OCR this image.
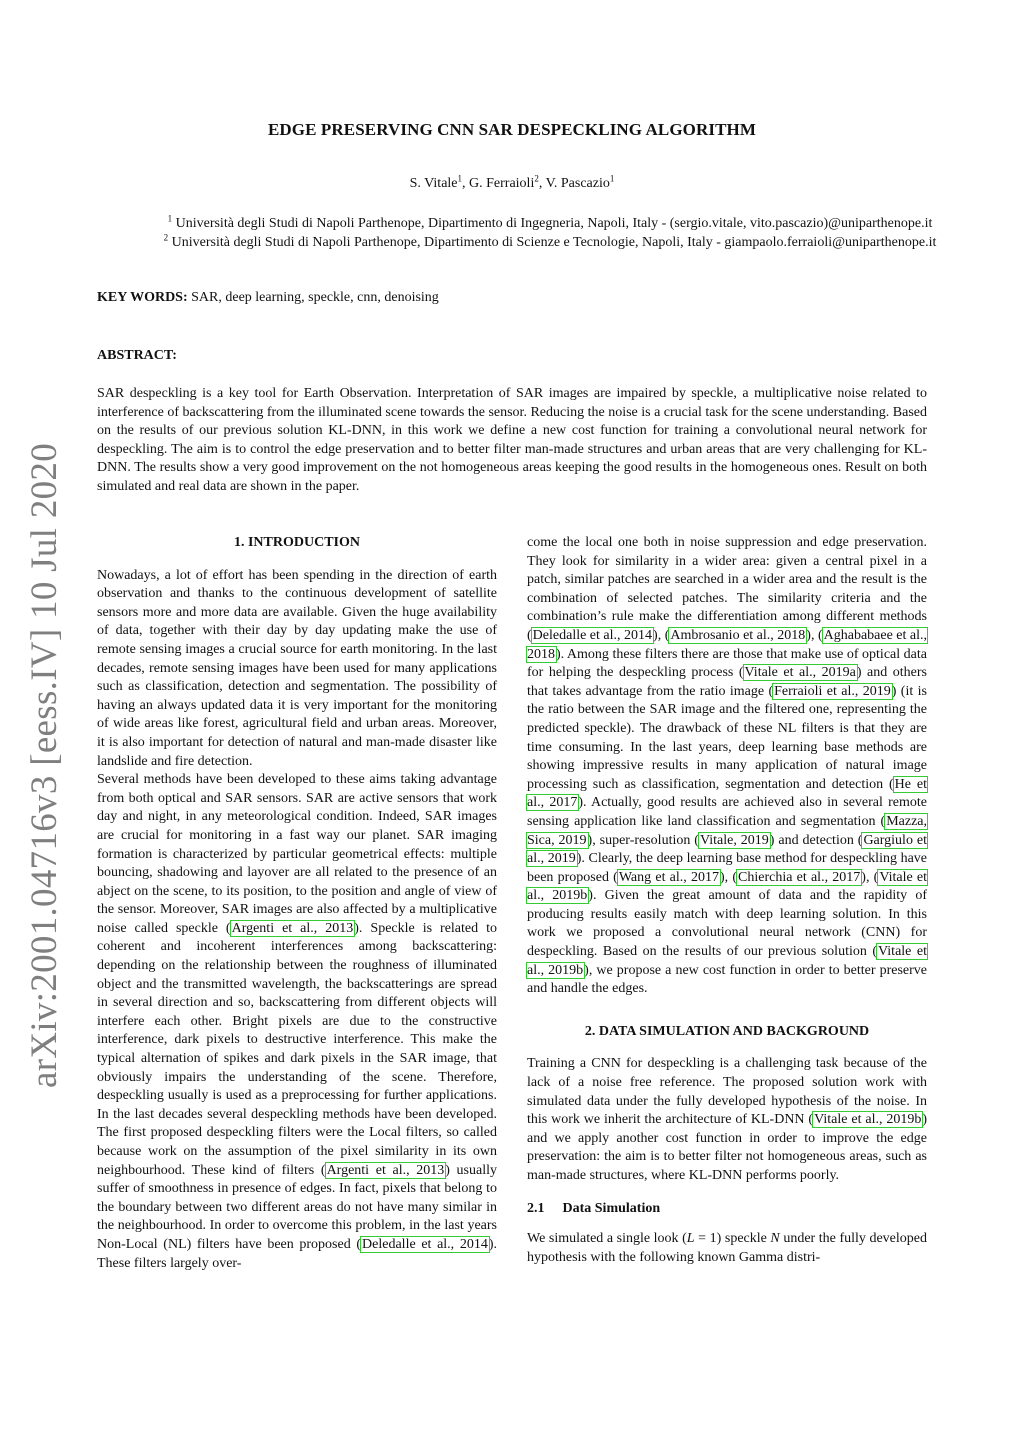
arXiv:2001.04716v3 [eess.IV] 10 Jul 2020
EDGE PRESERVING CNN SAR DESPECKLING ALGORITHM

S. Vitale$^1$, G. Ferraioli$^2$, V. Pascazio$^1$

$^1$ Università degli Studi di Napoli Parthenope, Dipartimento di Ingegneria, Napoli, Italy - (sergio.vitale, vito.pascazio)@uniparthenope.it
$^2$ Università degli Studi di Napoli Parthenope, Dipartimento di Scienze e Tecnologie, Napoli, Italy - giampaolo.ferraioli@uniparthenope.it

KEY WORDS: SAR, deep learning, speckle, cnn, denoising

ABSTRACT:

SAR despeckling is a key tool for Earth Observation. Interpretation of SAR images are impaired by speckle, a multiplicative noise related to interference of backscattering from the illuminated scene towards the sensor. Reducing the noise is a crucial task for the scene understanding. Based on the results of our previous solution KL-DNN, in this work we define a new cost function for training a convolutional neural network for despeckling. The aim is to control the edge preservation and to better filter man-made structures and urban areas that are very challenging for KL-DNN. The results show a very good improvement on the not homogeneous areas keeping the good results in the homogeneous ones. Result on both simulated and real data are shown in the paper.

1. INTRODUCTION

Nowadays, a lot of effort has been spending in the direction of earth observation and thanks to the continuous development of satellite sensors more and more data are available. Given the huge availability of data, together with their day by day updating make the use of remote sensing images a crucial source for earth monitoring. In the last decades, remote sensing images have been used for many applications such as classification, detection and segmentation. The possibility of having an always updated data it is very important for the monitoring of wide areas like forest, agricultural field and urban areas. Moreover, it is also important for detection of natural and man-made disaster like landslide and fire detection.

Several methods have been developed to these aims taking advantage from both optical and SAR sensors. SAR are active sensors that work day and night, in any meteorological condition. Indeed, SAR images are crucial for monitoring in a fast way our planet. SAR imaging formation is characterized by particular geometrical effects: multiple bouncing, shadowing and layover are all related to the presence of an abject on the scene, to its position, to the position and angle of view of the sensor. Moreover, SAR images are also affected by a multiplicative noise called speckle (Argenti et al., 2013). Speckle is related to coherent and incoherent interferences among backscattering: depending on the relationship between the roughness of illuminated object and the transmitted wavelength, the backscatterings are spread in several direction and so, backscattering from different objects will interfere each other. Bright pixels are due to the constructive interference, dark pixels to destructive interference. This make the typical alternation of spikes and dark pixels in the SAR image, that obviously impairs the understanding of the scene. Therefore, despeckling usually is used as a preprocessing for further applications. In the last decades several despeckling methods have been developed. The first proposed despeckling filters were the Local filters, so called because work on the assumption of the pixel similarity in its own neighbourhood. These kind of filters (Argenti et al., 2013) usually suffer of smoothness in presence of edges. In fact, pixels that belong to the boundary between two different areas do not have many similar in the neighbourhood. In order to overcome this problem, in the last years Non-Local (NL) filters have been proposed (Deledalle et al., 2014). These filters largely over-

come the local one both in noise suppression and edge preservation. They look for similarity in a wider area: given a central pixel in a patch, similar patches are searched in a wider area and the result is the combination of selected patches. The similarity criteria and the combination’s rule make the differentiation among different methods (Deledalle et al., 2014), (Ambrosanio et al., 2018), (Aghababaee et al., 2018). Among these filters there are those that make use of optical data for helping the despeckling process (Vitale et al., 2019a) and others that takes advantage from the ratio image (Ferraioli et al., 2019) (it is the ratio between the SAR image and the filtered one, representing the predicted speckle). The drawback of these NL filters is that they are time consuming. In the last years, deep learning base methods are showing impressive results in many application of natural image processing such as classification, segmentation and detection (He et al., 2017). Actually, good results are achieved also in several remote sensing application like land classification and segmentation (Mazza, Sica, 2019), super-resolution (Vitale, 2019) and detection (Gargiulo et al., 2019). Clearly, the deep learning base method for despeckling have been proposed (Wang et al., 2017), (Chierchia et al., 2017), (Vitale et al., 2019b). Given the great amount of data and the rapidity of producing results easily match with deep learning solution. In this work we proposed a convolutional neural network (CNN) for despeckling. Based on the results of our previous solution (Vitale et al., 2019b), we propose a new cost function in order to better preserve and handle the edges.

2. DATA SIMULATION AND BACKGROUND

Training a CNN for despeckling is a challenging task because of the lack of a noise free reference. The proposed solution work with simulated data under the fully developed hypothesis of the noise. In this work we inherit the architecture of KL-DNN (Vitale et al., 2019b) and we apply another cost function in order to improve the edge preservation: the aim is to better filter not homogeneous areas, such as man-made structures, where KL-DNN performs poorly.

2.1 Data Simulation

We simulated a single look (L = 1) speckle N under the fully developed hypothesis with the following known Gamma distri-
